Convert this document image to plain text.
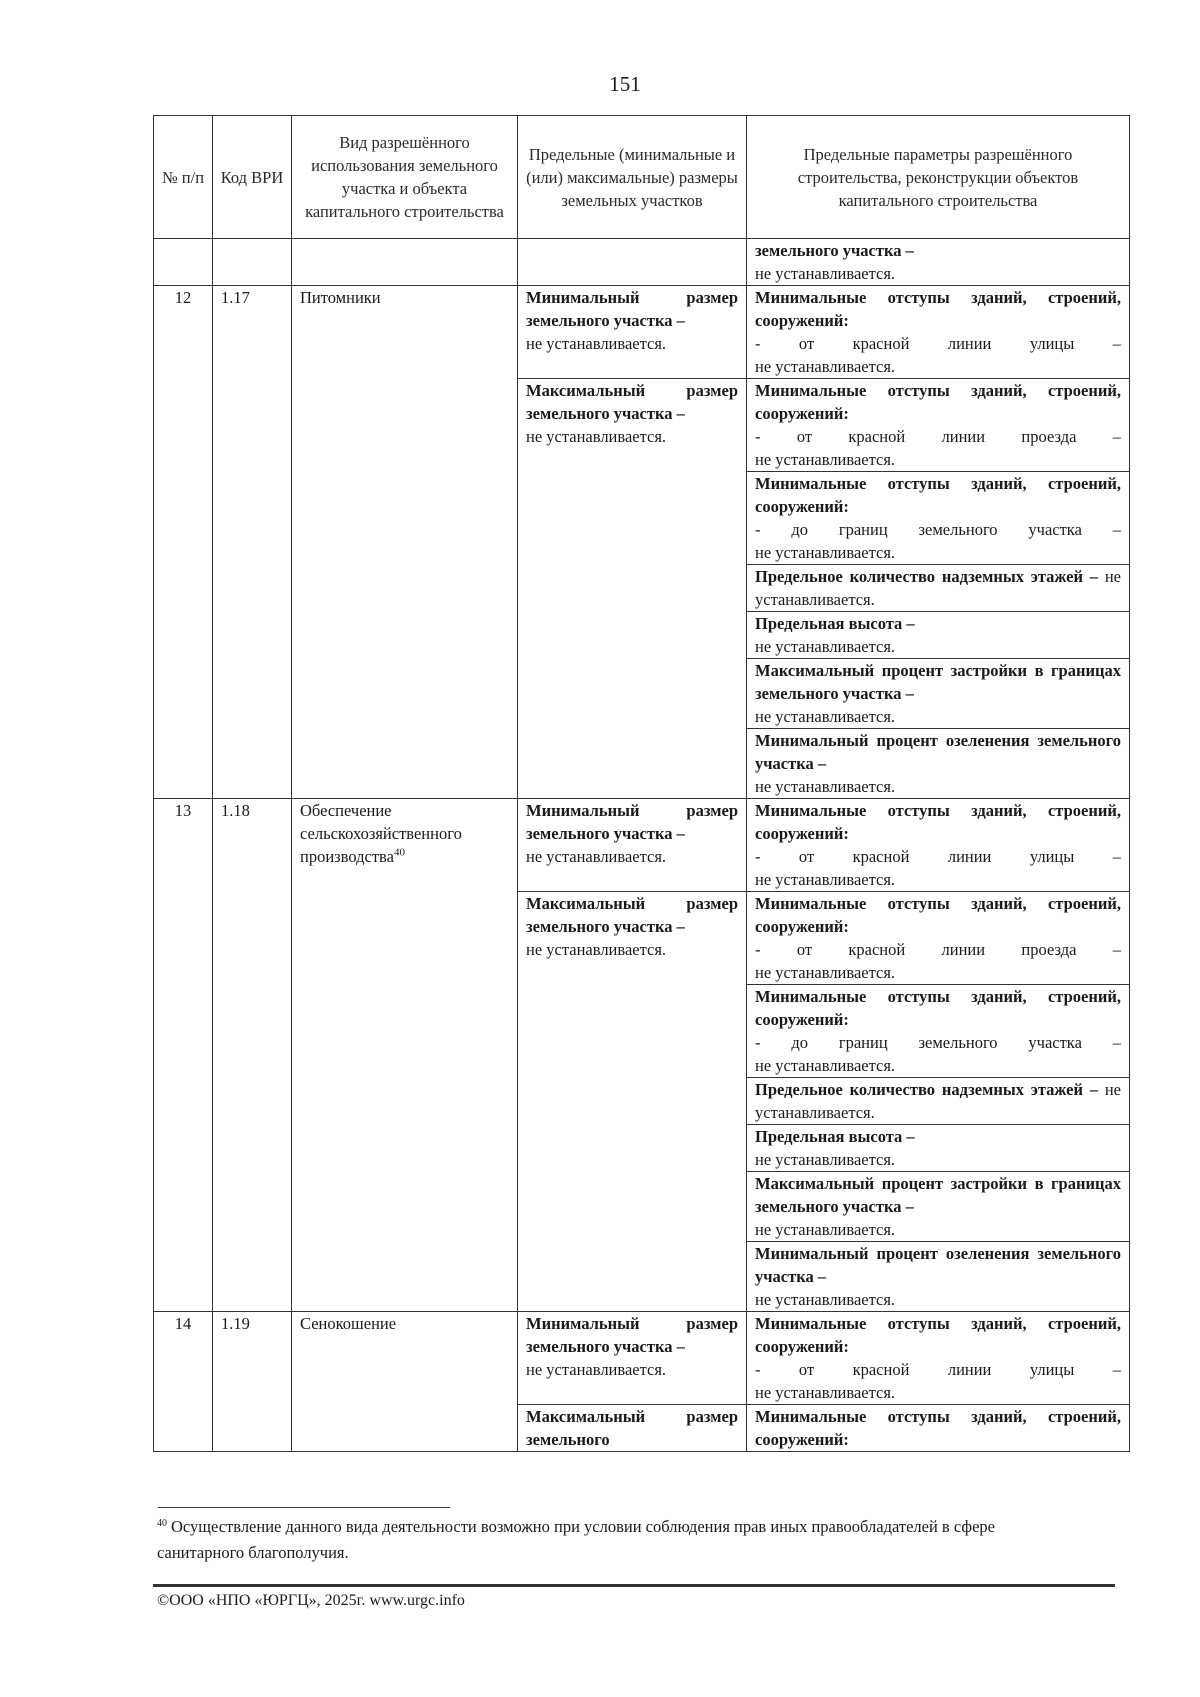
151
№ п/п	Код ВРИ	Вид разрешённого использования земельного участка и объекта капитального строительства	Предельные (минимальные и (или) максимальные) размеры земельных участков	Предельные параметры разрешённого строительства, реконструкции объектов капитального строительства
				земельного участка –
не устанавливается.
12	1.17	Питомники	Минимальный размер земельного участка –
не устанавливается.	Минимальные отступы зданий, строений, сооружений:
- от красной линии улицы –
не устанавливается.
			Максимальный размер земельного участка –
не устанавливается.	Минимальные отступы зданий, строений, сооружений:
- от красной линии проезда –
не устанавливается.
				Минимальные отступы зданий, строений, сооружений:
- до границ земельного участка –
не устанавливается.
				Предельное количество надземных этажей – не устанавливается.
				Предельная высота –
не устанавливается.
				Максимальный процент застройки в границах земельного участка –
не устанавливается.
				Минимальный процент озеленения земельного участка –
не устанавливается.
13	1.18	Обеспечение сельскохозяйственного производства$^{40}$	Минимальный размер земельного участка –
не устанавливается.	Минимальные отступы зданий, строений, сооружений:
- от красной линии улицы –
не устанавливается.
			Максимальный размер земельного участка –
не устанавливается.	Минимальные отступы зданий, строений, сооружений:
- от красной линии проезда –
не устанавливается.
				Минимальные отступы зданий, строений, сооружений:
- до границ земельного участка –
не устанавливается.
				Предельное количество надземных этажей – не устанавливается.
				Предельная высота –
не устанавливается.
				Максимальный процент застройки в границах земельного участка –
не устанавливается.
				Минимальный процент озеленения земельного участка –
не устанавливается.
14	1.19	Сенокошение	Минимальный размер земельного участка –
не устанавливается.	Минимальные отступы зданий, строений, сооружений:
- от красной линии улицы –
не устанавливается.
			Максимальный размер земельного	Минимальные отступы зданий, строений, сооружений:
$^{40}$ Осуществление данного вида деятельности возможно при условии соблюдения прав иных правообладателей в сфере санитарного благополучия.
©ООО «НПО «ЮРГЦ», 2025г. www.urgc.info
